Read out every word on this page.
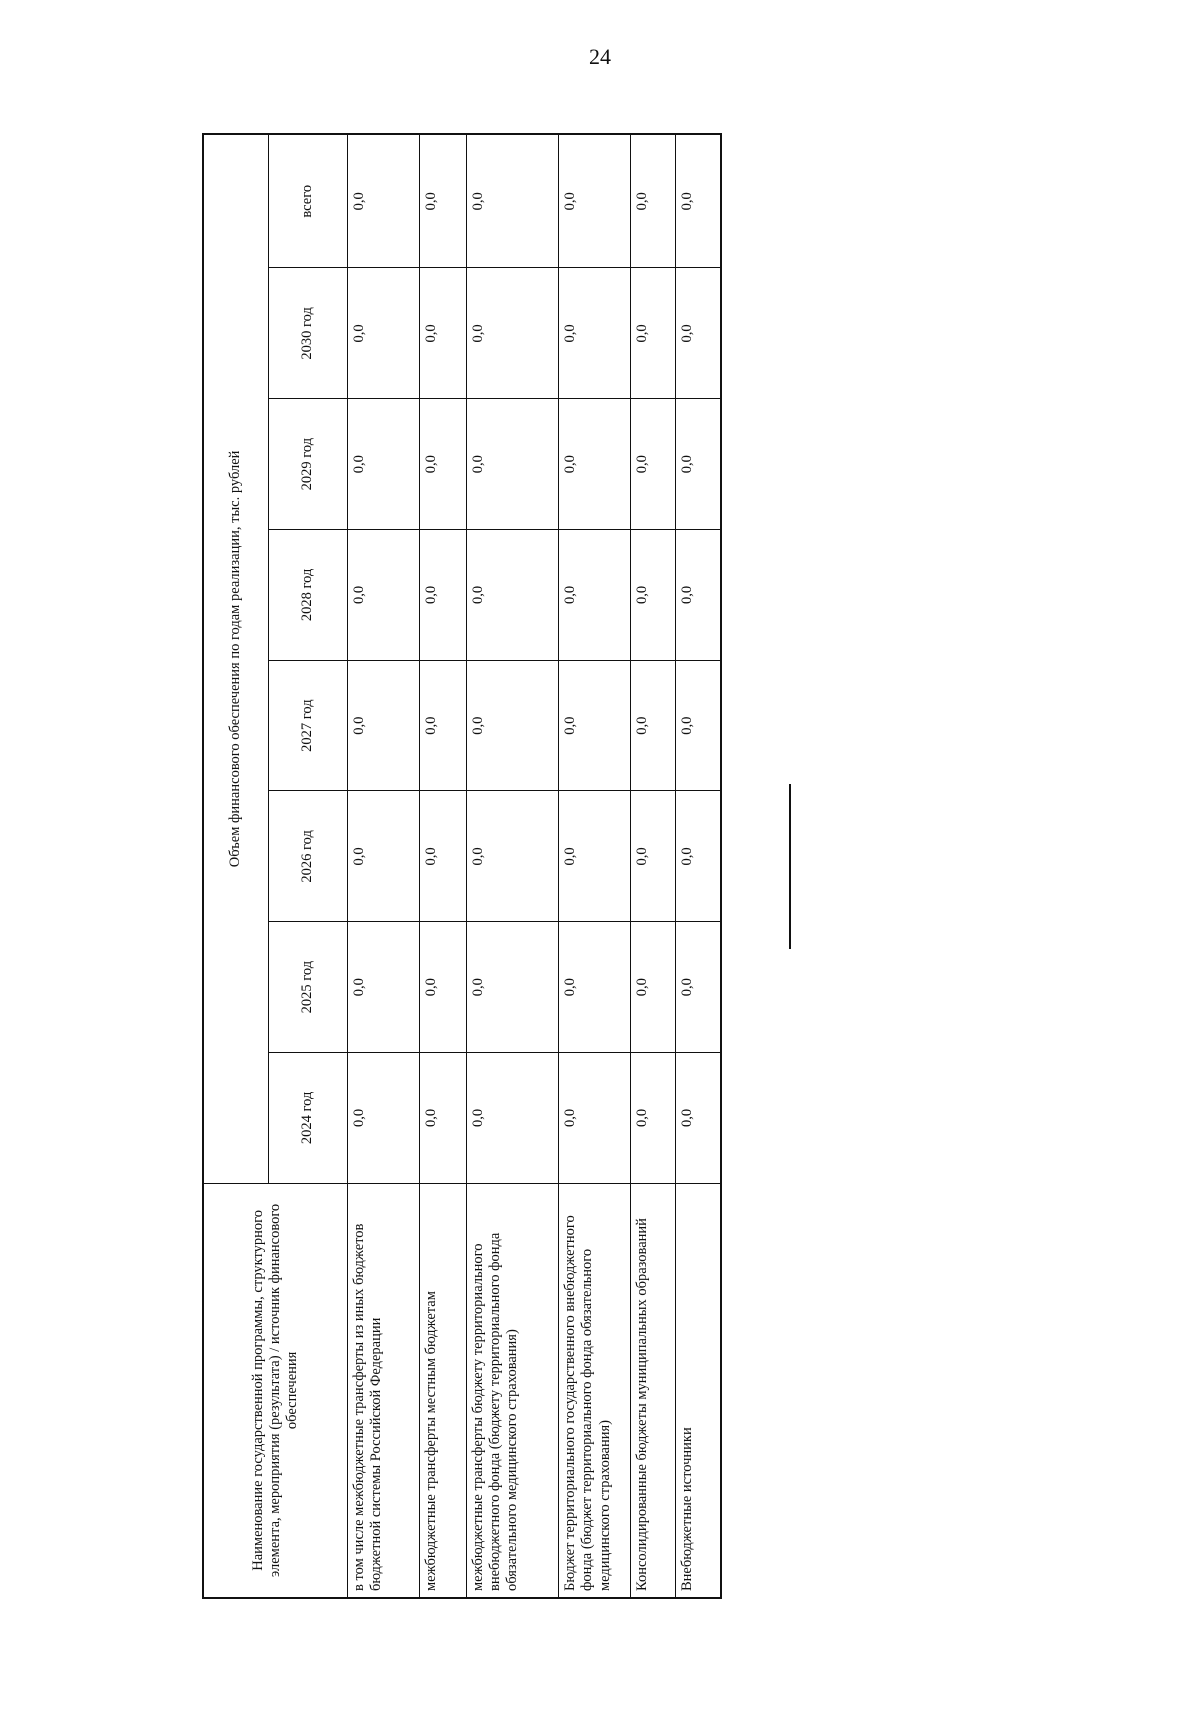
24
Наименование государственной программы, структурного элемента, мероприятия (результата) / источник финансового обеспечения	Объем финансового обеспечения по годам реализации, тыс. рублей							
	2024 год	2025 год	2026 год	2027 год	2028 год	2029 год	2030 год	всего
в том числе межбюджетные трансферты из иных бюджетов бюджетной системы Российской Федерации	0,0	0,0	0,0	0,0	0,0	0,0	0,0	0,0
межбюджетные трансферты местным бюджетам	0,0	0,0	0,0	0,0	0,0	0,0	0,0	0,0
межбюджетные трансферты бюджету территориального внебюджетного фонда (бюджету территориального фонда обязательного медицинского страхования)	0,0	0,0	0,0	0,0	0,0	0,0	0,0	0,0
Бюджет территориального государственного внебюджетного фонда (бюджет территориального фонда обязательного медицинского страхования)	0,0	0,0	0,0	0,0	0,0	0,0	0,0	0,0
Консолидированные бюджеты муниципальных образований	0,0	0,0	0,0	0,0	0,0	0,0	0,0	0,0
Внебюджетные источники	0,0	0,0	0,0	0,0	0,0	0,0	0,0	0,0
